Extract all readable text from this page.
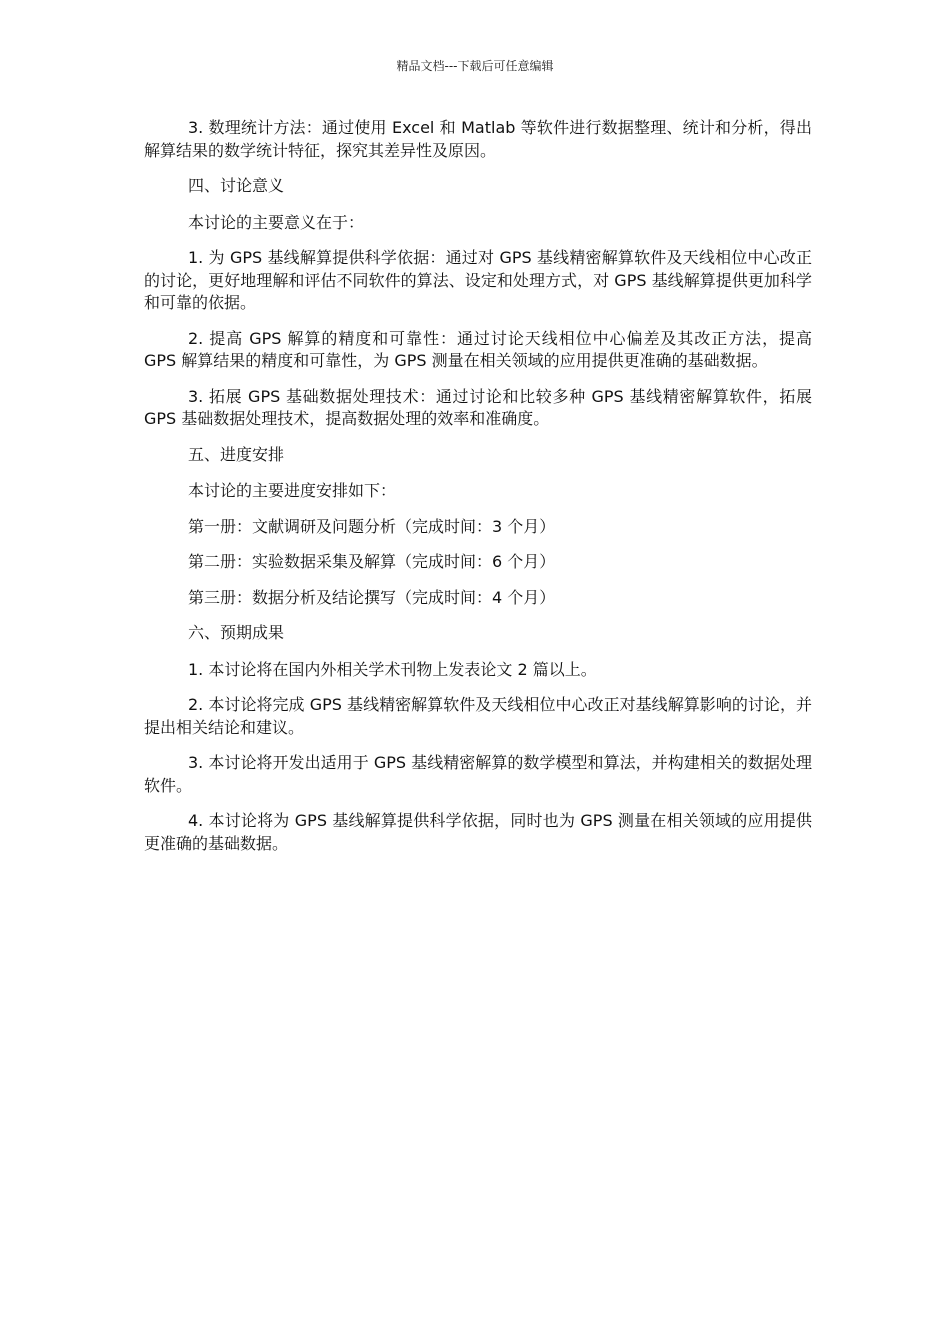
精品文档---下载后可任意编辑

3. 数理统计方法：通过使用 Excel 和 Matlab 等软件进行数据整理、统计和分析，得出解算结果的数学统计特征，探究其差异性及原因。

四、讨论意义

本讨论的主要意义在于：

1. 为 GPS 基线解算提供科学依据：通过对 GPS 基线精密解算软件及天线相位中心改正的讨论，更好地理解和评估不同软件的算法、设定和处理方式，对 GPS 基线解算提供更加科学和可靠的依据。

2. 提高 GPS 解算的精度和可靠性：通过讨论天线相位中心偏差及其改正方法，提高 GPS 解算结果的精度和可靠性，为 GPS 测量在相关领域的应用提供更准确的基础数据。

3. 拓展 GPS 基础数据处理技术：通过讨论和比较多种 GPS 基线精密解算软件，拓展 GPS 基础数据处理技术，提高数据处理的效率和准确度。

五、进度安排

本讨论的主要进度安排如下：

第一册：文献调研及问题分析（完成时间：3 个月）

第二册：实验数据采集及解算（完成时间：6 个月）

第三册：数据分析及结论撰写（完成时间：4 个月）

六、预期成果

1. 本讨论将在国内外相关学术刊物上发表论文 2 篇以上。

2. 本讨论将完成 GPS 基线精密解算软件及天线相位中心改正对基线解算影响的讨论，并提出相关结论和建议。

3. 本讨论将开发出适用于 GPS 基线精密解算的数学模型和算法，并构建相关的数据处理软件。

4. 本讨论将为 GPS 基线解算提供科学依据，同时也为 GPS 测量在相关领域的应用提供更准确的基础数据。
